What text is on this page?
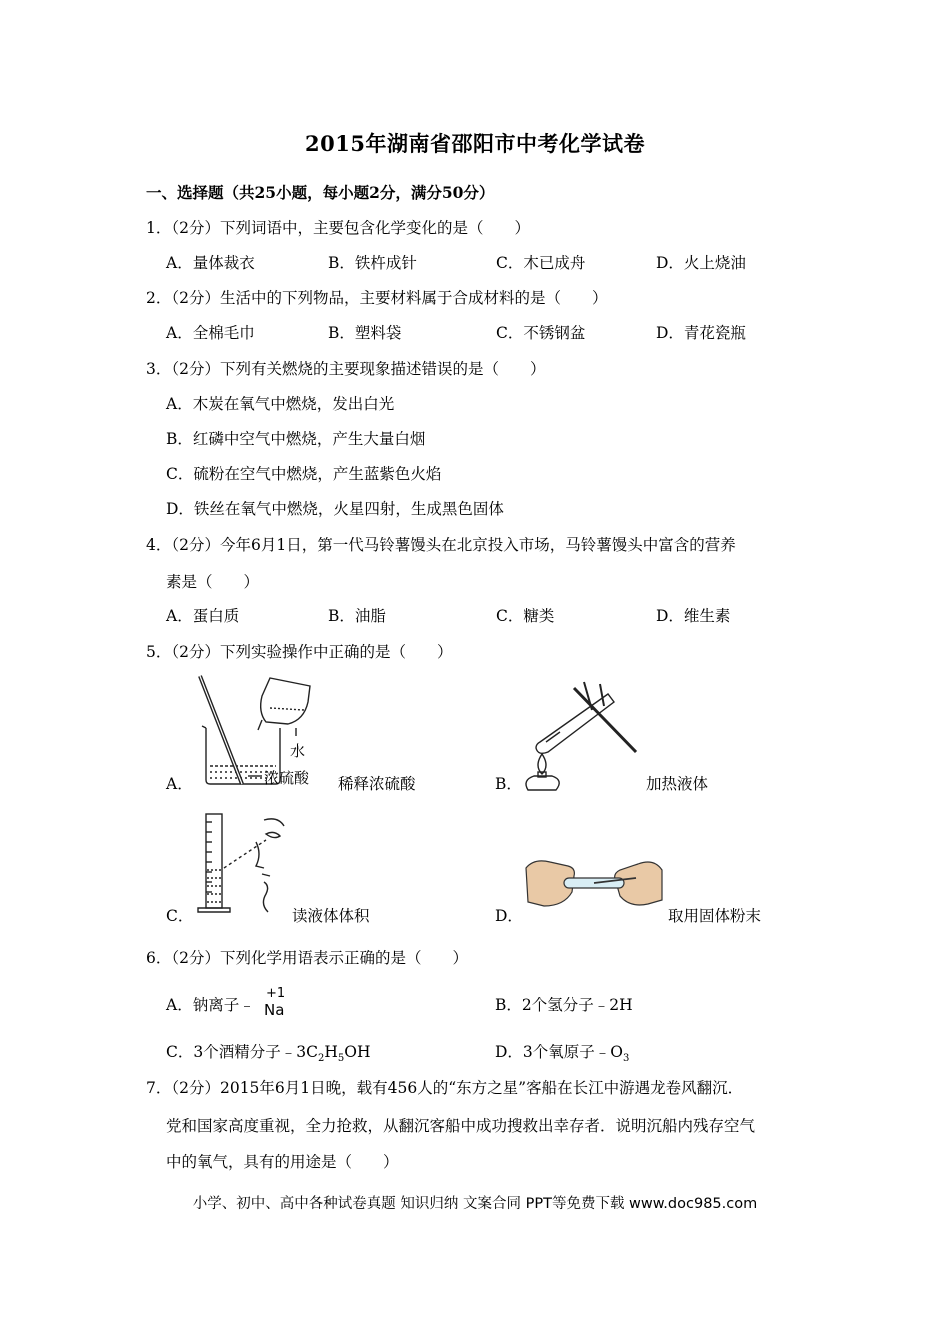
2015年湖南省邵阳市中考化学试卷
一、选择题（共25小题，每小题2分，满分50分）
1．（2分）下列词语中，主要包含化学变化的是（　　）
A．量体裁衣	B．铁杵成针	C．木已成舟	D．火上烧油
2．（2分）生活中的下列物品，主要材料属于合成材料的是（　　）
A．全棉毛巾	B．塑料袋	C．不锈钢盆	D．青花瓷瓶
3．（2分）下列有关燃烧的主要现象描述错误的是（　　）
A．木炭在氧气中燃烧，发出白光
B．红磷中空气中燃烧，产生大量白烟
C．硫粉在空气中燃烧，产生蓝紫色火焰
D．铁丝在氧气中燃烧，火星四射，生成黑色固体
4．（2分）今年6月1日，第一代马铃薯馒头在北京投入市场，马铃薯馒头中富含的营养
素是（　　）
A．蛋白质	B．油脂	C．糖类	D．维生素
5．（2分）下列实验操作中正确的是（　　）
水
浓硫酸
A．	稀释浓硫酸	B．	加热液体
C．	读液体体积	D．	取用固体粉末
6．（2分）下列化学用语表示正确的是（　　）
A．钠离子﹣
+1
Na	B．2个氢分子﹣2H
C．3个酒精分子$﹣3C_2H_5OH$	D．3个氧原子$﹣O_3$
7．（2分）2015年6月1日晚，载有456人的“东方之星”客船在长江中游遇龙卷风翻沉．
党和国家高度重视，全力抢救，从翻沉客船中成功搜救出幸存者．说明沉船内残存空气
中的氧气，具有的用途是（　　）
小学、初中、高中各种试卷真题 知识归纳 文案合同 PPT等免费下载 www.doc985.com
